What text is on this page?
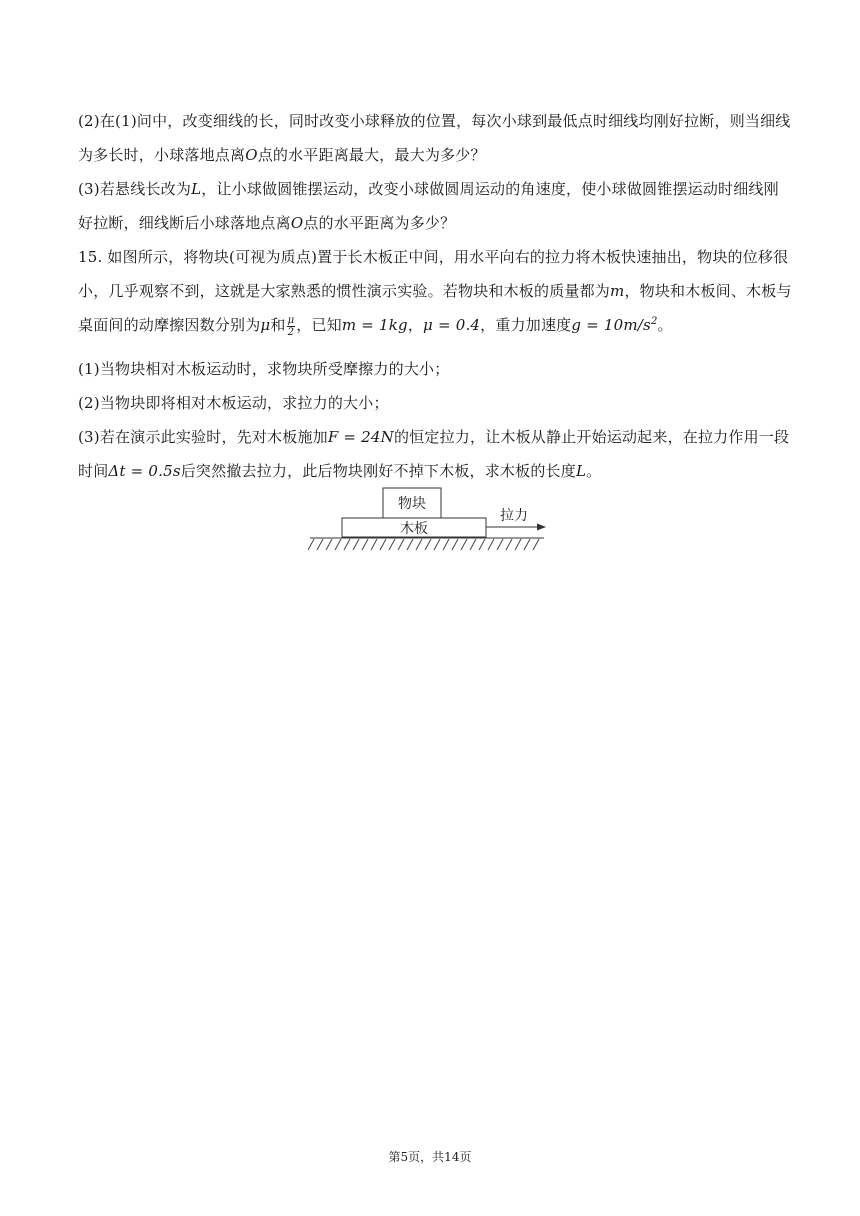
(2)在(1)问中，改变细线的长，同时改变小球释放的位置，每次小球到最低点时细线均刚好拉断，则当细线
为多长时，小球落地点离O点的水平距离最大，最大为多少？
(3)若悬线长改为L，让小球做圆锥摆运动，改变小球做圆周运动的角速度，使小球做圆锥摆运动时细线刚
好拉断，细线断后小球落地点离O点的水平距离为多少？
15. 如图所示，将物块(可视为质点)置于长木板正中间，用水平向右的拉力将木板快速抽出，物块的位移很
小，几乎观察不到，这就是大家熟悉的惯性演示实验。若物块和木板的质量都为m，物块和木板间、木板与
桌面间的动摩擦因数分别为μ和 $\frac{\mu}{2}$ ，已知m = 1kg，μ = 0.4，重力加速度$g = 10m/s^2$。
(1)当物块相对木板运动时，求物块所受摩擦力的大小；
(2)当物块即将相对木板运动，求拉力的大小；
(3)若在演示此实验时，先对木板施加F = 24N的恒定拉力，让木板从静止开始运动起来，在拉力作用一段
时间Δt = 0.5s后突然撤去拉力，此后物块刚好不掉下木板，求木板的长度L。
物块
木板
拉力
第5页，共14页
